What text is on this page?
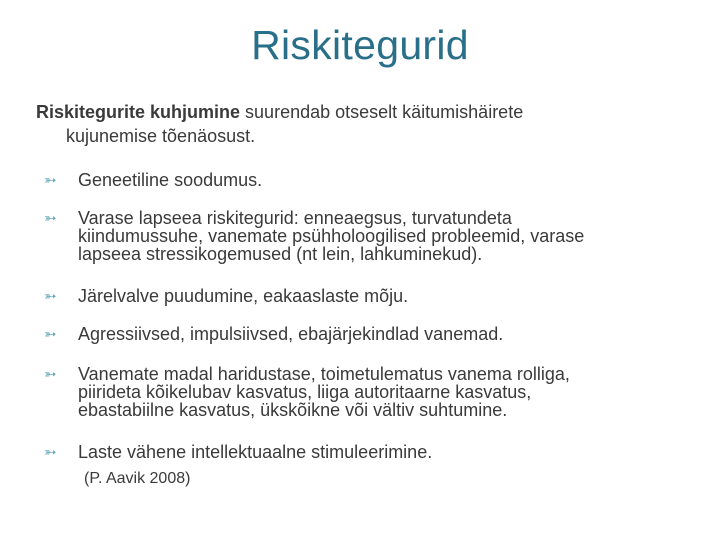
Riskitegurid
Riskitegurite kuhjumine suurendab otseselt käitumishäirete
kujunemise tõenäosust.
➳	Geneetiline soodumus.
➳	Varase lapseea riskitegurid: enneaegsus, turvatundeta
kiindumussuhe, vanemate psühholoogilised probleemid, varase
lapseea stressikogemused (nt lein, lahkuminekud).
➳	Järelvalve puudumine, eakaaslaste mõju.
➳	Agressiivsed, impulsiivsed, ebajärjekindlad vanemad.
➳	Vanemate madal haridustase, toimetulematus vanema rolliga,
piirideta kõikelubav kasvatus, liiga autoritaarne kasvatus,
ebastabiilne kasvatus, ükskõikne või vältiv suhtumine.
➳	Laste vähene intellektuaalne stimuleerimine.
(P. Aavik 2008)
